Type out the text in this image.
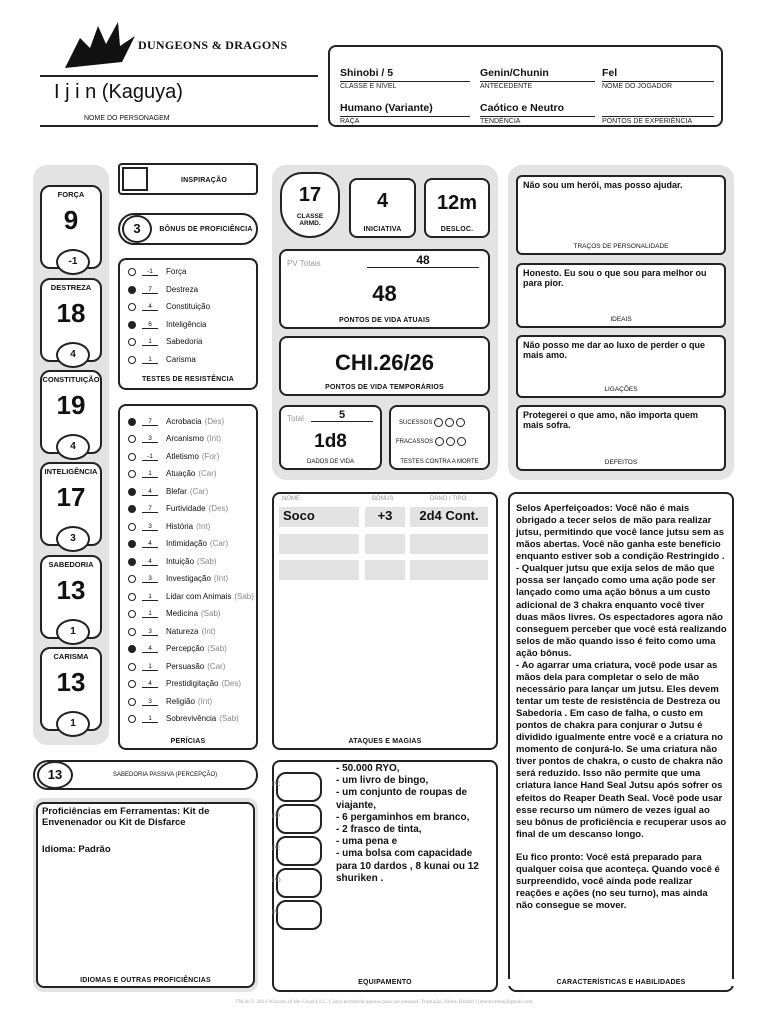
DUNGEONS & DRAGONS
I j i n (Kaguya)
NOME DO PERSONAGEM
Shinobi / 5
CLASSE E NÍVEL
Genin/Chunin
ANTECEDENTE
Fel
NOME DO JOGADOR
Humano (Variante)
RAÇA
Caótico e Neutro
TENDÊNCIA	PONTOS DE EXPERIÊNCIA
FORÇA
9
-1
DESTREZA
18
4
CONSTITUIÇÃO
19
4
INTELIGÊNCIA
17
3
SABEDORIA
13
1
CARISMA
13
1
INSPIRAÇÃO
3	BÔNUS DE PROFICIÊNCIA
-1	Força
7	Destreza
4	Constituição
6	Inteligência
1	Sabedoria
1	Carisma
TESTES DE RESISTÊNCIA
7	Acrobacia (Des)
3	Arcanismo (Int)
-1	Atletismo (For)
1	Atuação (Car)
4	Blefar (Car)
7	Furtividade (Des)
3	História (Int)
4	Intimidação (Car)
4	Intuição (Sab)
3	Investigação (Int)
1	Lidar com Animais (Sab)
1	Medicina (Sab)
3	Natureza (Int)
4	Percepção (Sab)
1	Persuasão (Car)
4	Prestidigitação (Des)
3	Religião (Int)
1	Sobrevivência (Sab)
PERÍCIAS
13	SABEDORIA PASSIVA (PERCEPÇÃO)
Proficiências em Ferramentas: Kit de Envenenador ou Kit de Disfarce
Idioma: Padrão
IDIOMAS E OUTRAS PROFICIÊNCIAS
17
CLASSE ARMD.
4
INICIATIVA
12m
DESLOC.
PV Totais	48
48
PONTOS DE VIDA ATUAIS
CHI.26/26
PONTOS DE VIDA TEMPORÁRIOS
Total	5
1d8
DADOS DE VIDA
SUCESSOS
FRACASSOS
TESTES CONTRA A MORTE
NOME	BÔNUS	DANO / TIPO
Soco	+3	2d4 Cont.
ATAQUES E MAGIAS
PC
PP
PE
PO
PL
- 50.000 RYO,
- um livro de bingo,
- um conjunto de roupas de viajante,
- 6 pergaminhos em branco,
- 2 frasco de tinta,
- uma pena e
- uma bolsa com capacidade para 10 dardos , 8 kunai ou 12 shuriken .
EQUIPAMENTO
Não sou um herói, mas posso ajudar.
TRAÇOS DE PERSONALIDADE
Honesto. Eu sou o que sou para melhor ou para pior.
IDEAIS
Não posso me dar ao luxo de perder o que mais amo.
LIGAÇÕES
Protegerei o que amo, não importa quem mais sofra.
DEFEITOS
Selos Aperfeiçoados: Você não é mais obrigado a tecer selos de mão para realizar jutsu, permitindo que você lance jutsu sem as mãos abertas. Você não ganha este benefício enquanto estiver sob a condição Restringido .
- Qualquer jutsu que exija selos de mão que possa ser lançado como uma ação pode ser lançado como uma ação bônus a um custo adicional de 3 chakra enquanto você tiver duas mãos livres. Os espectadores agora não conseguem perceber que você está realizando selos de mão quando isso é feito como uma ação bônus.
- Ao agarrar uma criatura, você pode usar as mãos dela para completar o selo de mão necessário para lançar um jutsu. Eles devem tentar um teste de resistência de Destreza ou Sabedoria . Em caso de falha, o custo em pontos de chakra para conjurar o Jutsu é dividido igualmente entre você e a criatura no momento de conjurá-lo. Se uma criatura não tiver pontos de chakra, o custo de chakra não será reduzido. Isso não permite que uma criatura lance Hand Seal Jutsu após sofrer os efeitos do Reaper Death Seal. Você pode usar esse recurso um número de vezes igual ao seu bônus de proficiência e recuperar usos ao final de um descanso longo.
Eu fico pronto: Você está preparado para qualquer coisa que aconteça. Quando você é surpreendido, você ainda pode realizar reações e ações (no seu turno), mas ainda não consegue se mover.
CARACTERÍSTICAS E HABILIDADES
TM & © 2014 Wizards of the Coast LLC. Cópia permitida apenas para uso pessoal. Tradução: Johny Bidrell | jetnetrombe@gmail.com
